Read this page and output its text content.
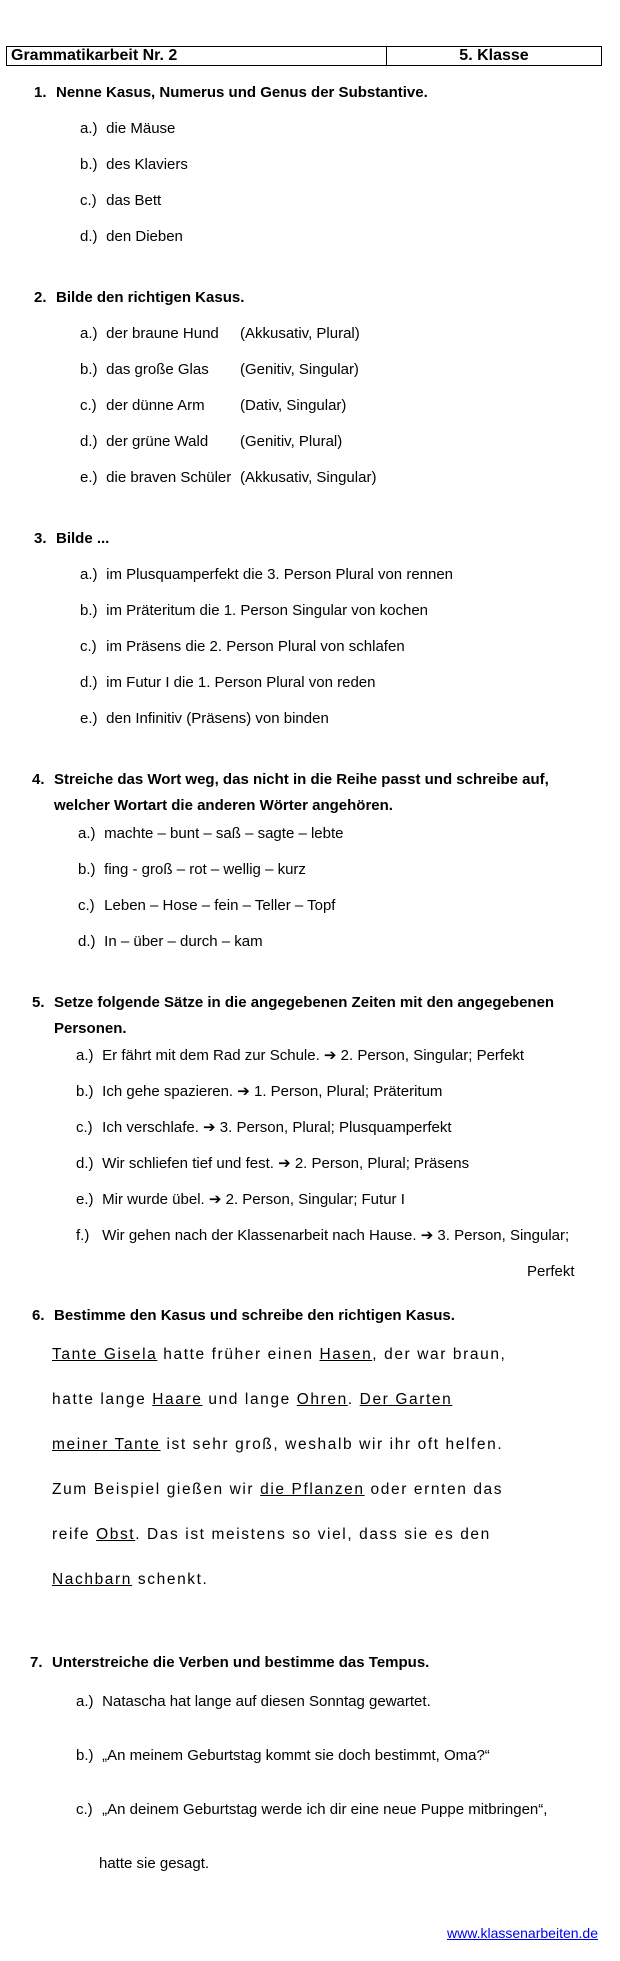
Grammatikarbeit Nr. 2	5. Klasse
1. Nenne Kasus, Numerus und Genus der Substantive.
a.) die Mäuse
b.) des Klaviers
c.) das Bett
d.) den Dieben
2. Bilde den richtigen Kasus.
a.) der braune Hund (Akkusativ, Plural)
b.) das große Glas (Genitiv, Singular)
c.) der dünne Arm (Dativ, Singular)
d.) der grüne Wald (Genitiv, Plural)
e.) die braven Schüler (Akkusativ, Singular)
3. Bilde ...
a.) im Plusquamperfekt die 3. Person Plural von rennen
b.) im Präteritum die 1. Person Singular von kochen
c.) im Präsens die 2. Person Plural von schlafen
d.) im Futur I die 1. Person Plural von reden
e.) den Infinitiv (Präsens) von binden
4. Streiche das Wort weg, das nicht in die Reihe passt und schreibe auf,
welcher Wortart die anderen Wörter angehören.
a.) machte – bunt – saß – sagte – lebte
b.) fing - groß – rot – wellig – kurz
c.) Leben – Hose – fein – Teller – Topf
d.) In – über – durch – kam
5. Setze folgende Sätze in die angegebenen Zeiten mit den angegebenen
Personen.
a.) Er fährt mit dem Rad zur Schule. ➔ 2. Person, Singular; Perfekt
b.) Ich gehe spazieren. ➔ 1. Person, Plural; Präteritum
c.) Ich verschlafe. ➔ 3. Person, Plural; Plusquamperfekt
d.) Wir schliefen tief und fest. ➔ 2. Person, Plural; Präsens
e.) Mir wurde übel. ➔ 2. Person, Singular; Futur I
f.) Wir gehen nach der Klassenarbeit nach Hause. ➔ 3. Person, Singular;
Perfekt
6. Bestimme den Kasus und schreibe den richtigen Kasus.
Tante Gisela hatte früher einen Hasen, der war braun,
hatte lange Haare und lange Ohren. Der Garten
meiner Tante ist sehr groß, weshalb wir ihr oft helfen.
Zum Beispiel gießen wir die Pflanzen oder ernten das
reife Obst. Das ist meistens so viel, dass sie es den
Nachbarn schenkt.
7. Unterstreiche die Verben und bestimme das Tempus.
a.) Natascha hat lange auf diesen Sonntag gewartet.
b.) „An meinem Geburtstag kommt sie doch bestimmt, Oma?“
c.) „An deinem Geburtstag werde ich dir eine neue Puppe mitbringen“,
hatte sie gesagt.
www.klassenarbeiten.de
